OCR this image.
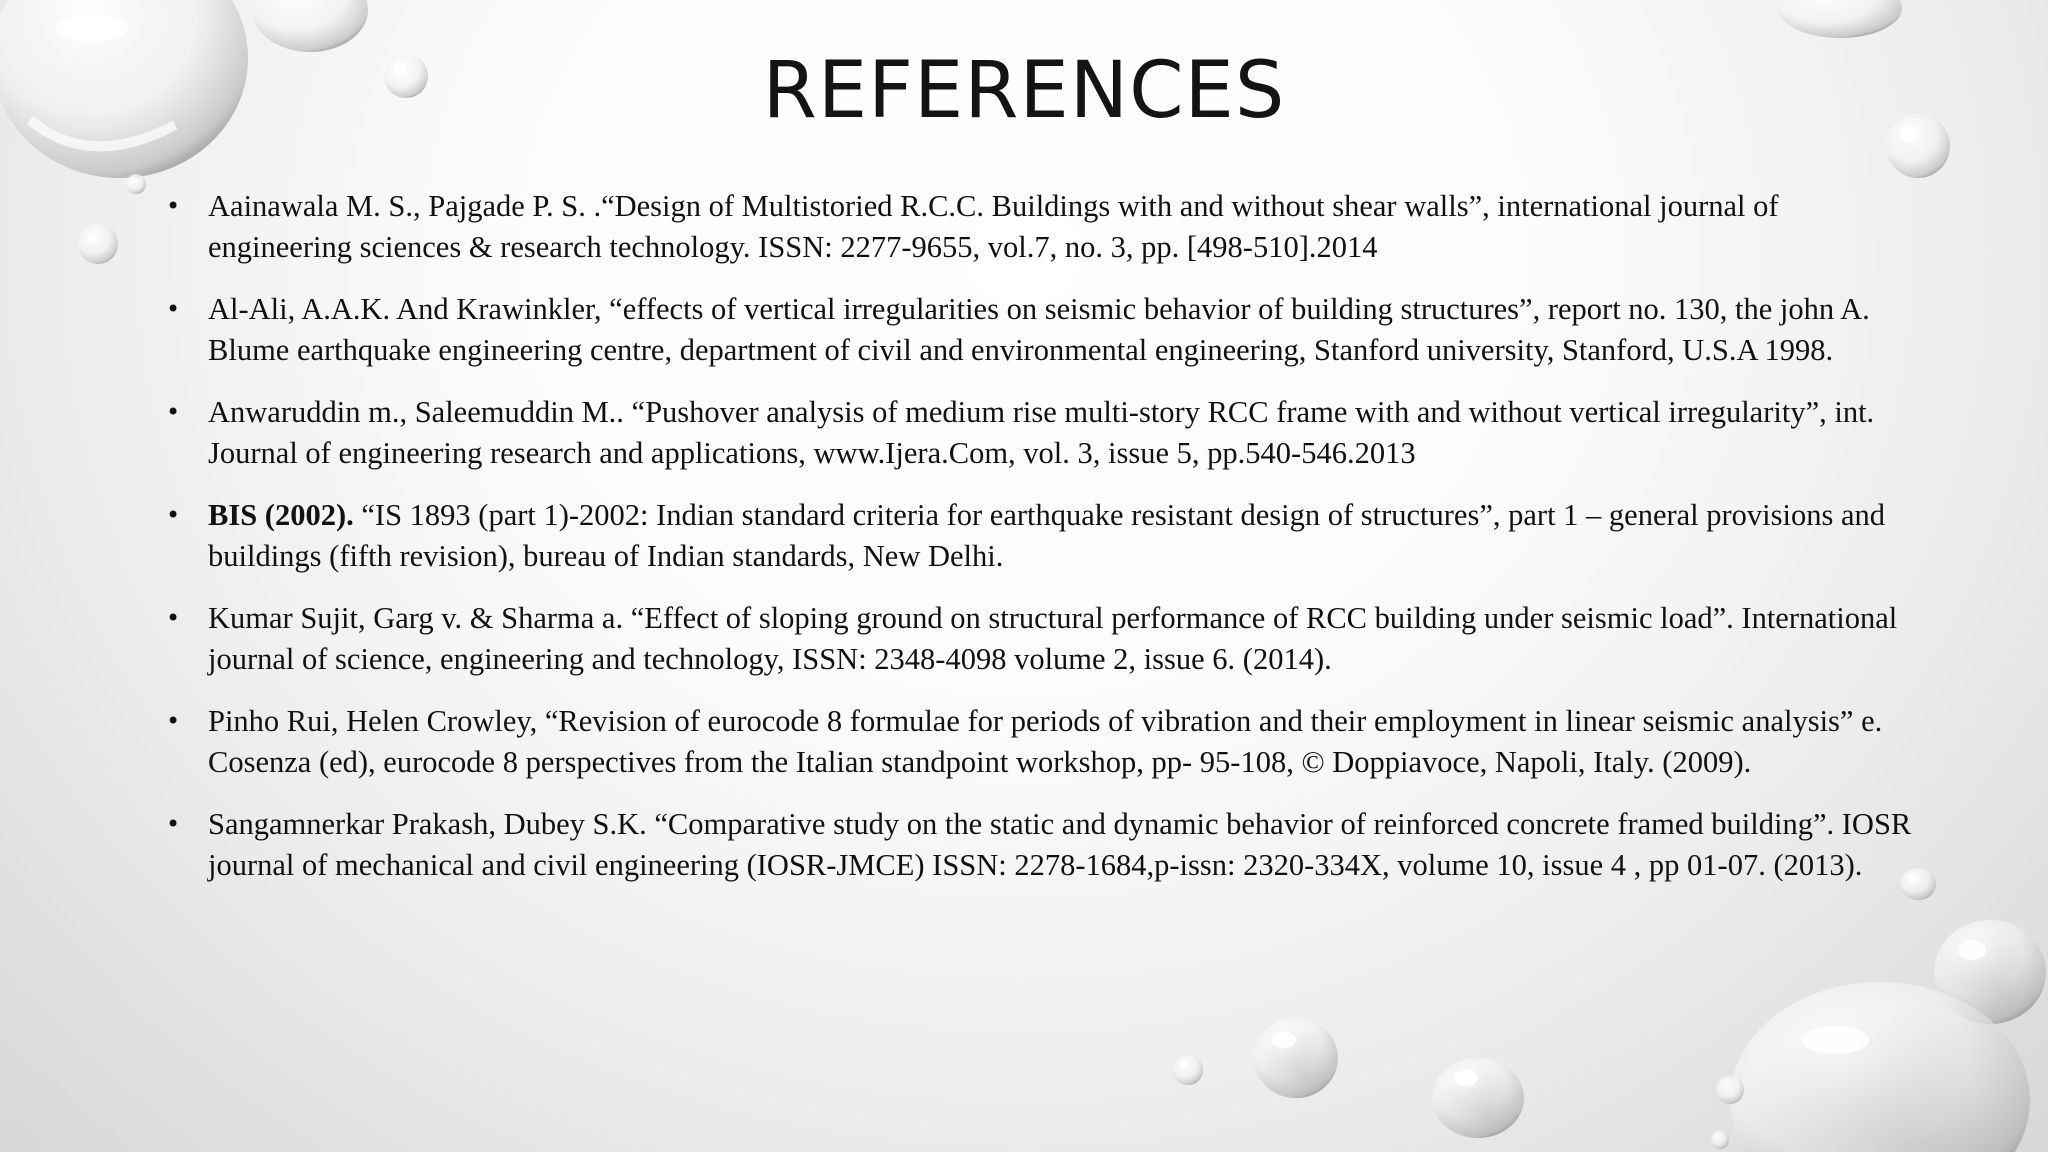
REFERENCES
• Aainawala M. S., Pajgade P. S. .“Design of Multistoried R.C.C. Buildings with and without shear walls”, international journal of engineering sciences & research technology. ISSN: 2277-9655, vol.7, no. 3, pp. [498-510].2014
• Al-Ali, A.A.K. And Krawinkler, “effects of vertical irregularities on seismic behavior of building structures”, report no. 130, the john A. Blume earthquake engineering centre, department of civil and environmental engineering, Stanford university, Stanford, U.S.A 1998.
• Anwaruddin m., Saleemuddin M.. “Pushover analysis of medium rise multi-story RCC frame with and without vertical irregularity”, int. Journal of engineering research and applications, www.Ijera.Com, vol. 3, issue 5, pp.540-546.2013
• BIS (2002). “IS 1893 (part 1)-2002: Indian standard criteria for earthquake resistant design of structures”, part 1 – general provisions and buildings (fifth revision), bureau of Indian standards, New Delhi.
• Kumar Sujit, Garg v. & Sharma a. “Effect of sloping ground on structural performance of RCC building under seismic load”. International journal of science, engineering and technology, ISSN: 2348-4098 volume 2, issue 6. (2014).
• Pinho Rui, Helen Crowley, “Revision of eurocode 8 formulae for periods of vibration and their employment in linear seismic analysis” e. Cosenza (ed), eurocode 8 perspectives from the Italian standpoint workshop, pp- 95-108, © Doppiavoce, Napoli, Italy. (2009).
• Sangamnerkar Prakash, Dubey S.K. “Comparative study on the static and dynamic behavior of reinforced concrete framed building”. IOSR journal of mechanical and civil engineering (IOSR-JMCE) ISSN: 2278-1684,p-issn: 2320-334X, volume 10, issue 4 , pp 01-07. (2013).
